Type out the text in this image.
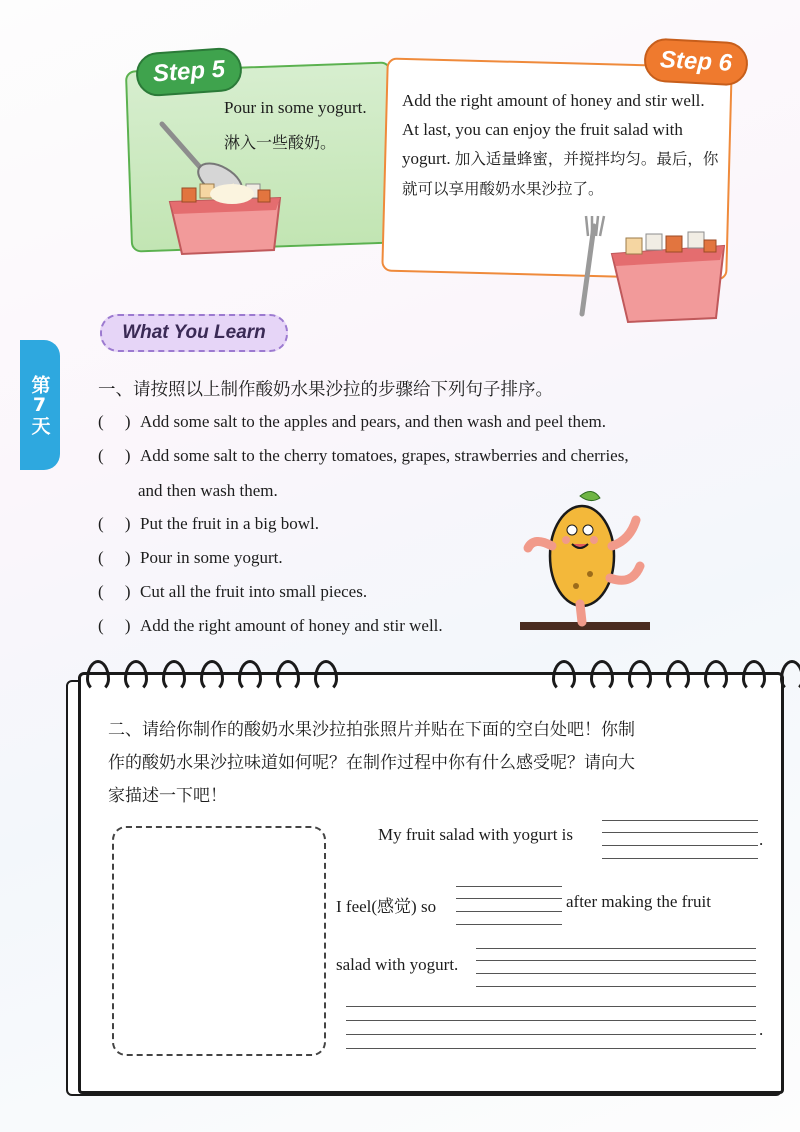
Step 5
Pour in some yogurt.
淋入一些酸奶。
Step 6
Add the right amount of honey and stir well. At last, you can enjoy the fruit salad with yogurt. 加入适量蜂蜜，并搅拌均匀。最后，你就可以享用酸奶水果沙拉了。
What You Learn
第7天	一、请按照以上制作酸奶水果沙拉的步骤给下列句子排序。
(     ) Add some salt to the apples and pears, and then wash and peel them.
(     ) Add some salt to the cherry tomatoes, grapes, strawberries and cherries,
and then wash them.
(     ) Put the fruit in a big bowl.
(     ) Pour in some yogurt.
(     ) Cut all the fruit into small pieces.
(     ) Add the right amount of honey and stir well.
二、请给你制作的酸奶水果沙拉拍张照片并贴在下面的空白处吧！你制
作的酸奶水果沙拉味道如何呢？在制作过程中你有什么感受呢？请向大
家描述一下吧！
My fruit salad with yogurt is	.
I feel(感觉) so	after making the fruit
salad with yogurt.
.
